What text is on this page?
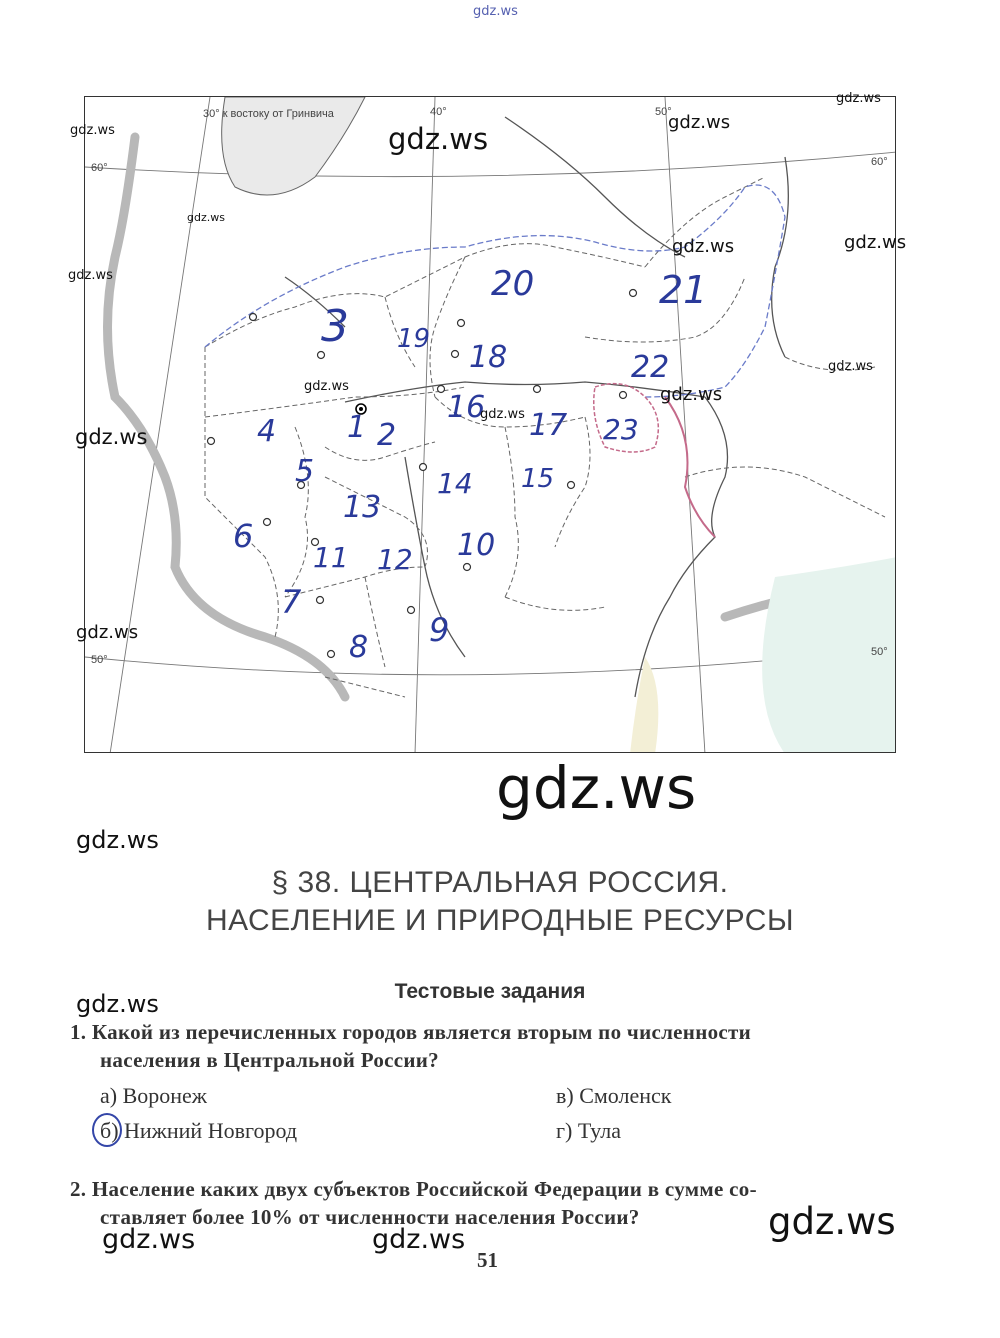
gdz.ws
30° к востоку от Гринвича	40°	50°
60°	60°
50°
50°
1 2
3
4
5
6
7
8 9
10
11 12
13
14 15
16
17
18
19
20	21
22
23
gdz.ws
gdz.ws
gdz.ws
gdz.ws
gdz.ws
gdz.ws
gdz.ws
gdz.ws
gdz.ws	gdz.ws
gdz.ws
gdz.ws
gdz.ws
gdz.ws
gdz.ws
gdz.ws
§ 38. ЦЕНТРАЛЬНАЯ РОССИЯ.
НАСЕЛЕНИЕ И ПРИРОДНЫЕ РЕСУРСЫ
Тестовые задания
gdz.ws
1. Какой из перечисленных городов является вторым по численности
населения в Центральной России?
а) Воронеж	в) Смоленск
б) Нижний Новгород	г) Тула
2. Население каких двух субъектов Российской Федерации в сумме со-
ставляет более 10% от численности населения России?
gdz.ws	gdz.ws	gdz.ws
51
